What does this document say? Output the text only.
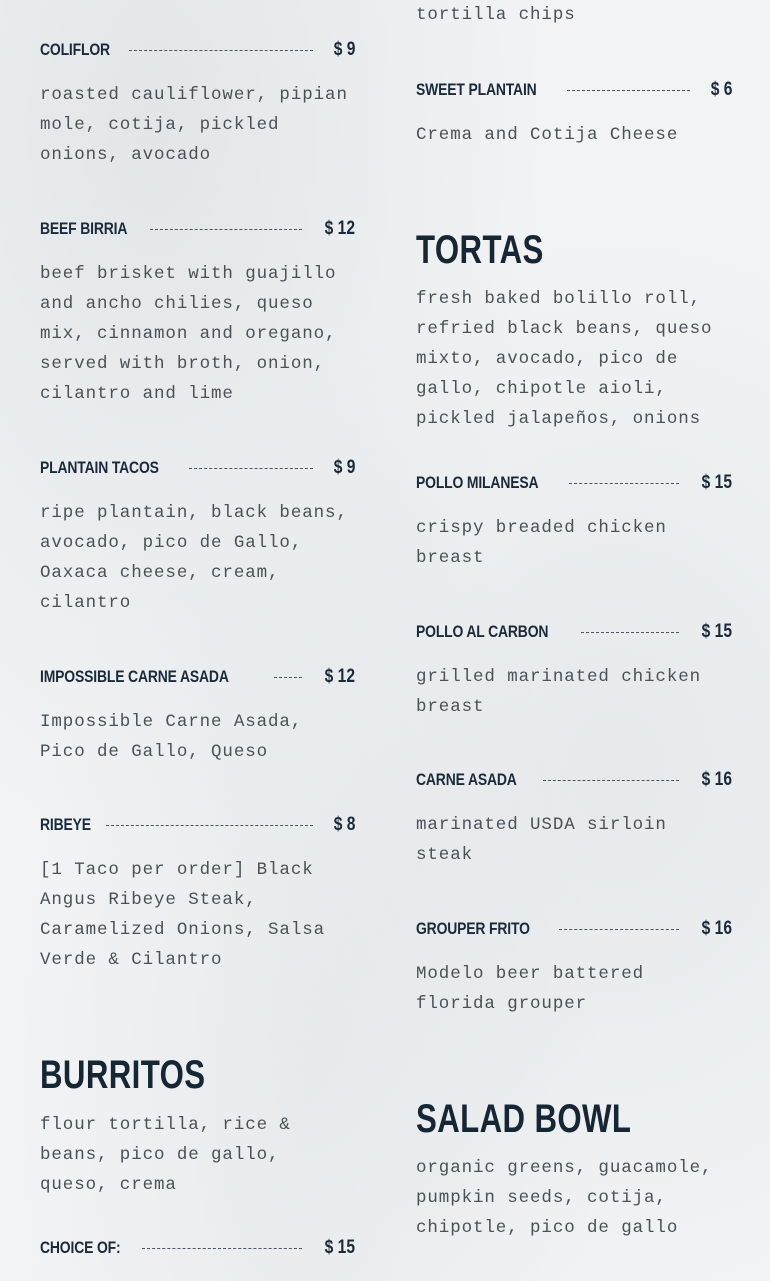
COLIFLOR	$ 9

roasted cauliflower, pipian mole, cotija, pickled onions, avocado

BEEF BIRRIA	$ 12

beef brisket with guajillo and ancho chilies, queso mix, cinnamon and oregano, served with broth, onion, cilantro and lime

PLANTAIN TACOS	$ 9

ripe plantain, black beans, avocado, pico de Gallo, Oaxaca cheese, cream, cilantro

IMPOSSIBLE CARNE ASADA	$ 12

Impossible Carne Asada, Pico de Gallo, Queso

RIBEYE	$ 8

[1 Taco per order] Black Angus Ribeye Steak, Caramelized Onions, Salsa Verde & Cilantro

BURRITOS

flour tortilla, rice & beans, pico de gallo, queso, crema

CHOICE OF:	$ 15

tortilla chips

SWEET PLANTAIN	$ 6

Crema and Cotija Cheese

TORTAS

fresh baked bolillo roll, refried black beans, queso mixto, avocado, pico de gallo, chipotle aioli, pickled jalapeños, onions

POLLO MILANESA	$ 15

crispy breaded chicken breast

POLLO AL CARBON	$ 15

grilled marinated chicken breast

CARNE ASADA	$ 16

marinated USDA sirloin steak

GROUPER FRITO	$ 16

Modelo beer battered florida grouper

SALAD BOWL

organic greens, guacamole, pumpkin seeds, cotija, chipotle, pico de gallo
